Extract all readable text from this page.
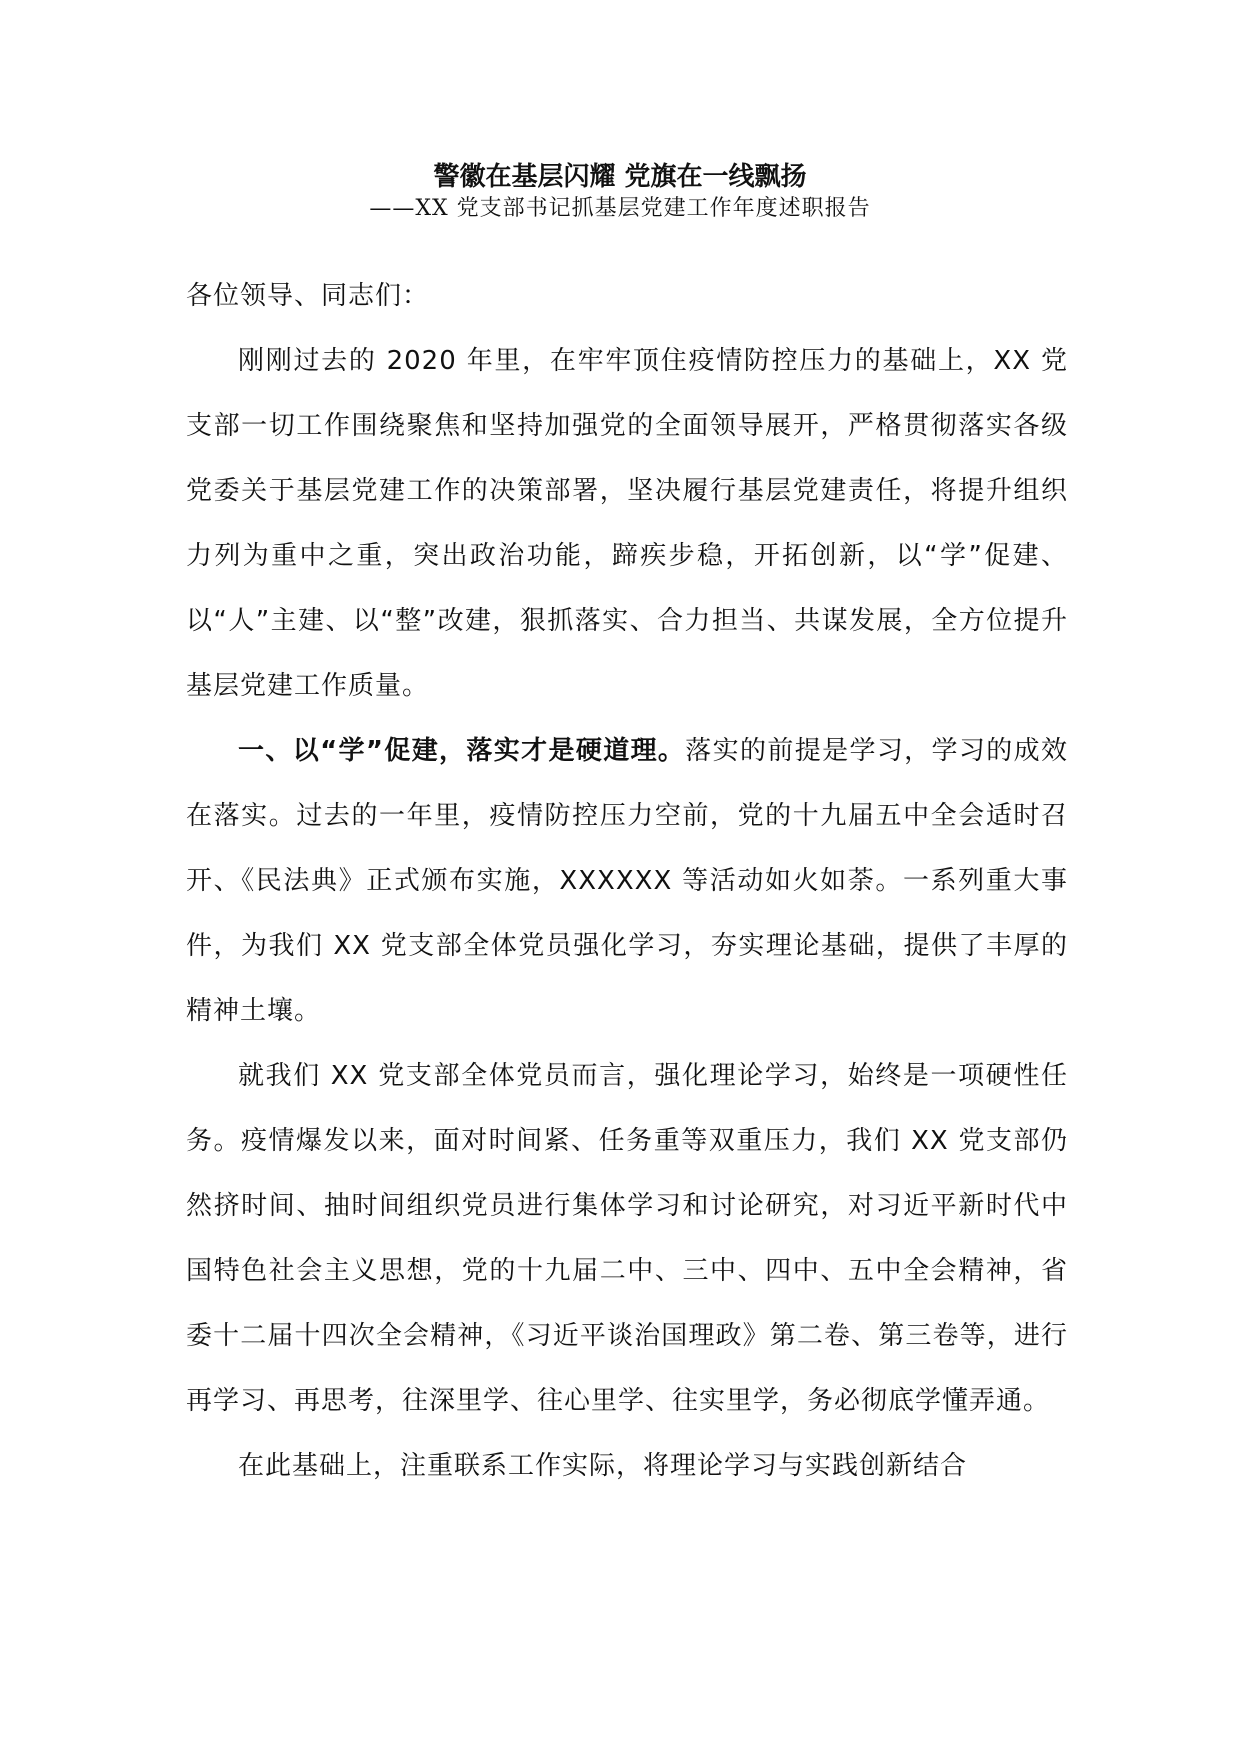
警徽在基层闪耀 党旗在一线飘扬
——XX 党支部书记抓基层党建工作年度述职报告

各位领导、同志们：

刚刚过去的 2020 年里，在牢牢顶住疫情防控压力的基础上，XX 党支部一切工作围绕聚焦和坚持加强党的全面领导展开，严格贯彻落实各级党委关于基层党建工作的决策部署，坚决履行基层党建责任，将提升组织力列为重中之重，突出政治功能，蹄疾步稳，开拓创新，以“学”促建、以“人”主建、以“整”改建，狠抓落实、合力担当、共谋发展，全方位提升基层党建工作质量。

一、以“学”促建，落实才是硬道理。落实的前提是学习，学习的成效在落实。过去的一年里，疫情防控压力空前，党的十九届五中全会适时召开、《民法典》正式颁布实施，XXXXXX 等活动如火如荼。一系列重大事件，为我们 XX 党支部全体党员强化学习，夯实理论基础，提供了丰厚的精神土壤。

就我们 XX 党支部全体党员而言，强化理论学习，始终是一项硬性任务。疫情爆发以来，面对时间紧、任务重等双重压力，我们 XX 党支部仍然挤时间、抽时间组织党员进行集体学习和讨论研究，对习近平新时代中国特色社会主义思想，党的十九届二中、三中、四中、五中全会精神，省委十二届十四次全会精神，《习近平谈治国理政》第二卷、第三卷等，进行再学习、再思考，往深里学、往心里学、往实里学，务必彻底学懂弄通。

在此基础上，注重联系工作实际，将理论学习与实践创新结合
